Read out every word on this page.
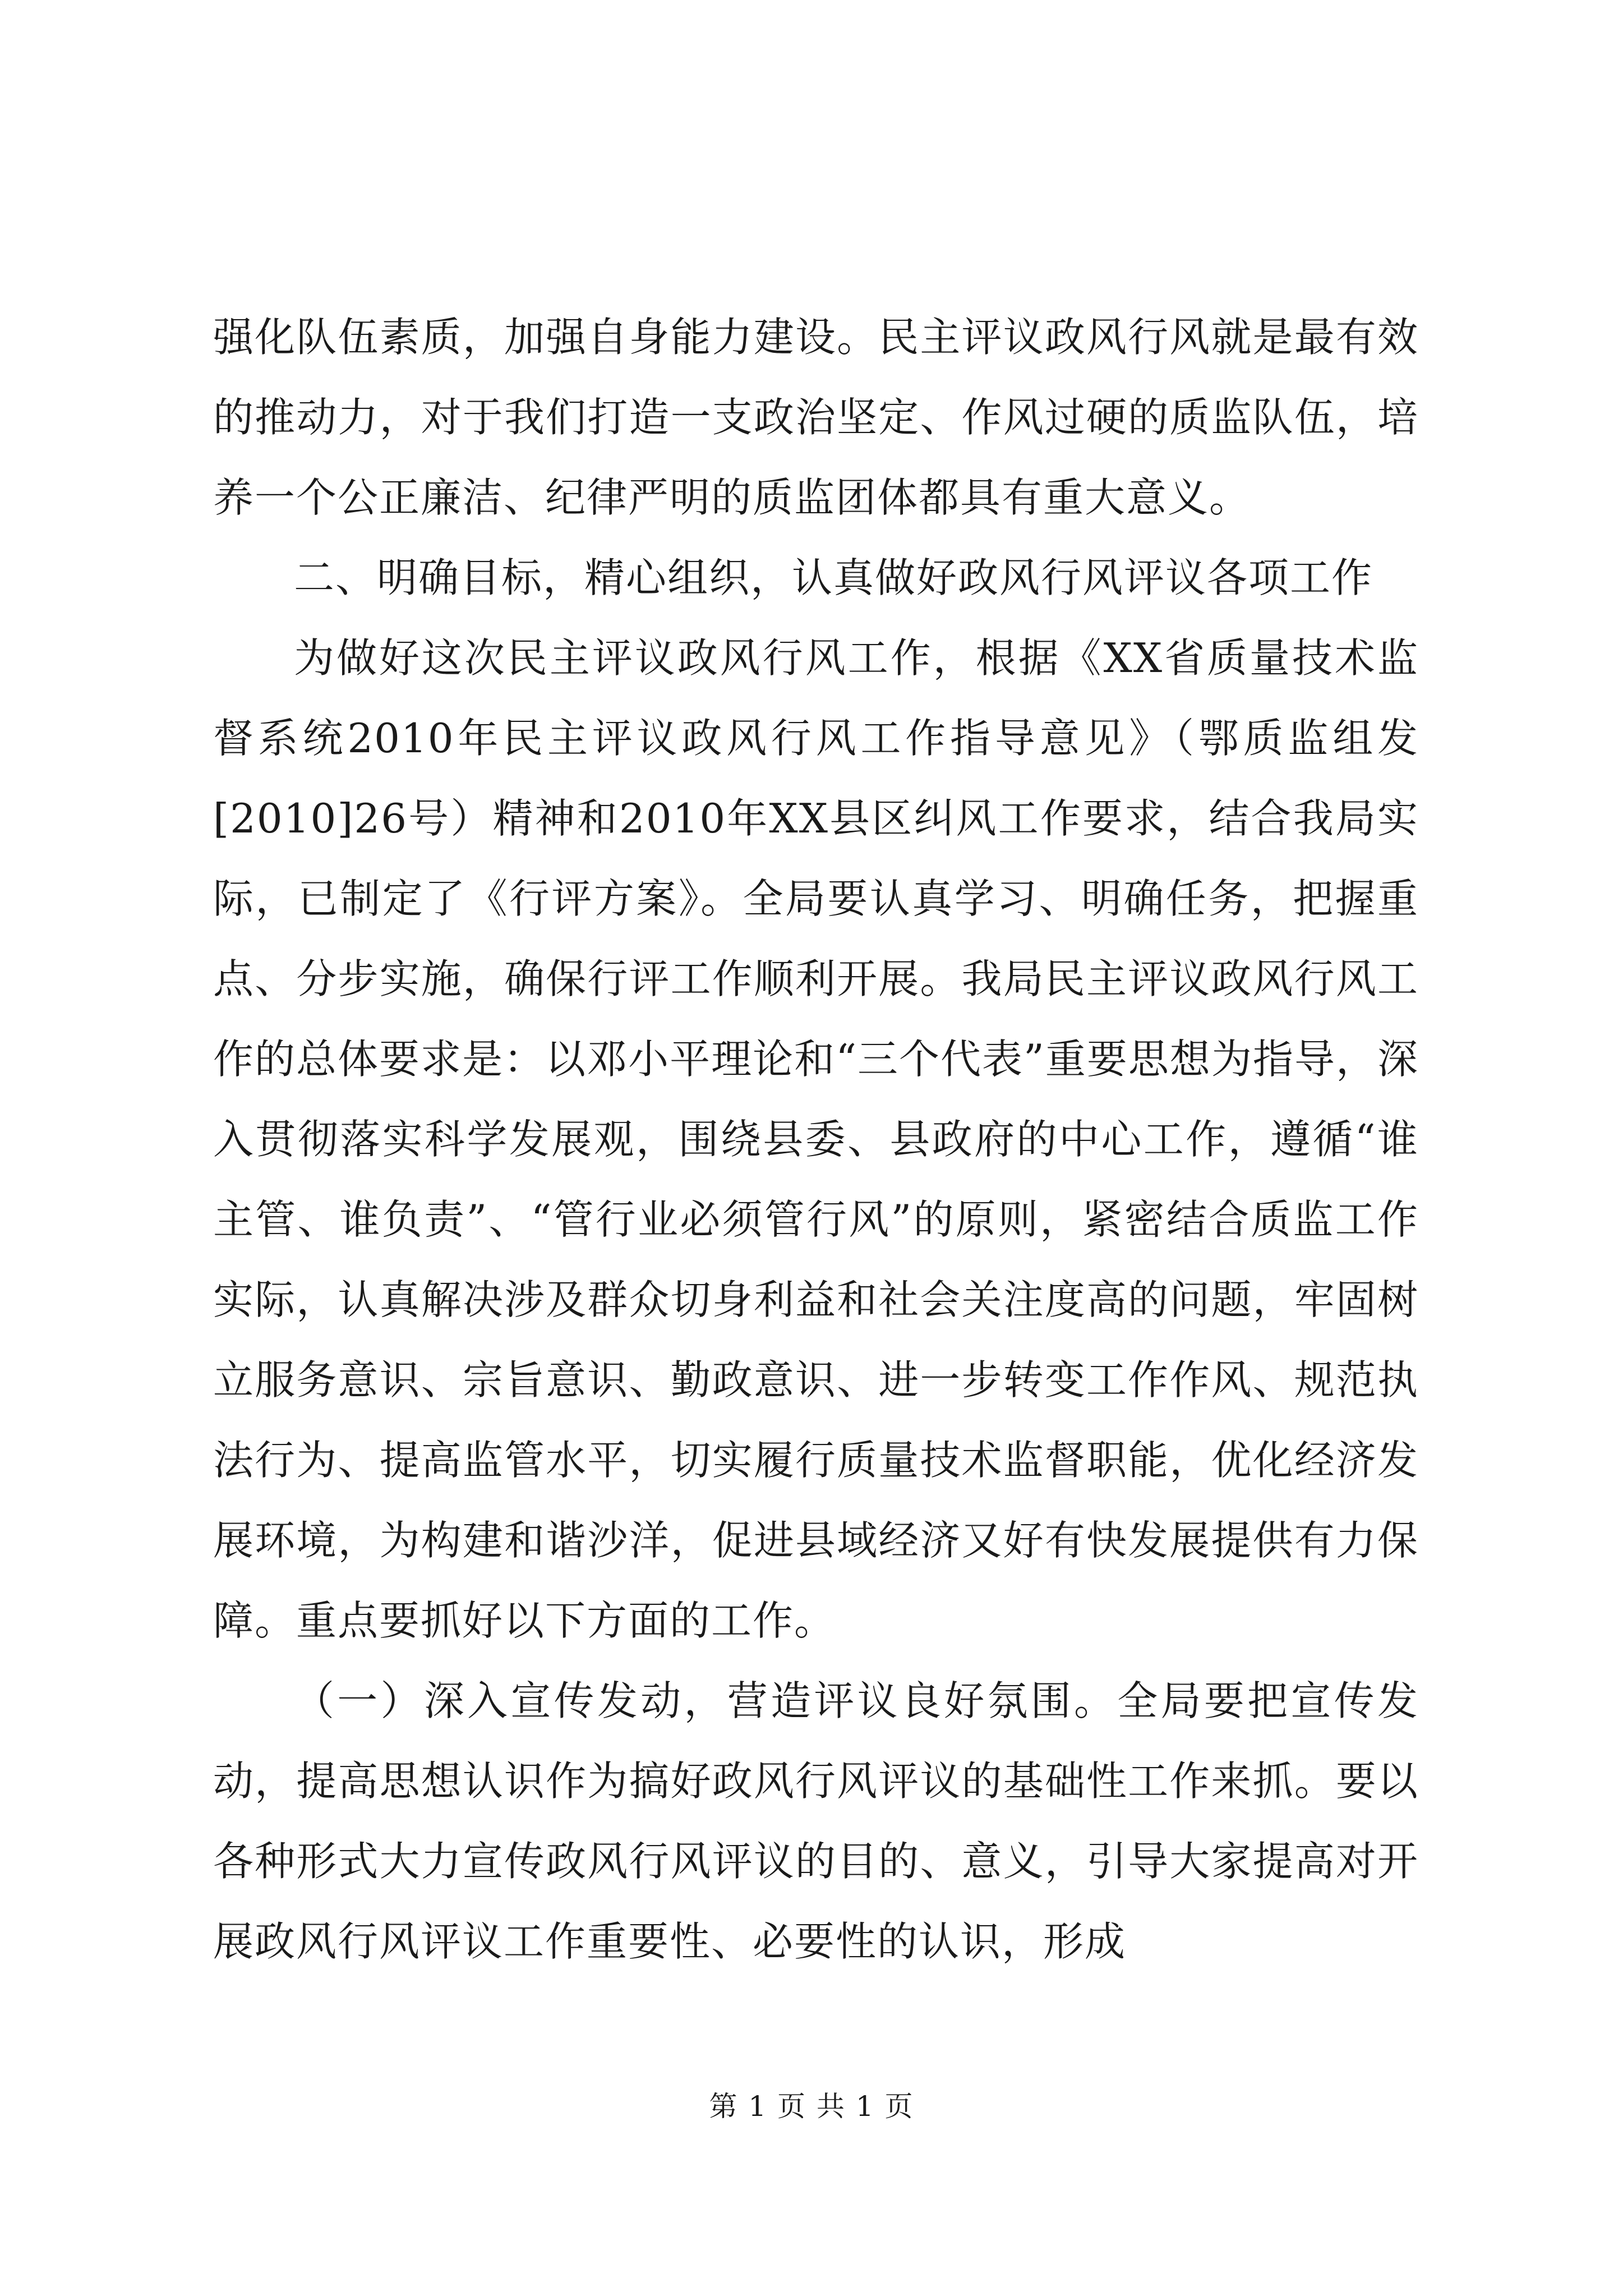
强化队伍素质，加强自身能力建设。民主评议政风行风就是最有效的推动力，对于我们打造一支政治坚定、作风过硬的质监队伍，培养一个公正廉洁、纪律严明的质监团体都具有重大意义。

二、明确目标，精心组织，认真做好政风行风评议各项工作

为做好这次民主评议政风行风工作，根据《XX省质量技术监督系统2010年民主评议政风行风工作指导意见》（鄂质监组发[2010]26号）精神和2010年XX县区纠风工作要求，结合我局实际，已制定了《行评方案》。全局要认真学习、明确任务，把握重点、分步实施，确保行评工作顺利开展。我局民主评议政风行风工作的总体要求是：以邓小平理论和“三个代表”重要思想为指导，深入贯彻落实科学发展观，围绕县委、县政府的中心工作，遵循“谁主管、谁负责”、“管行业必须管行风”的原则，紧密结合质监工作实际，认真解决涉及群众切身利益和社会关注度高的问题，牢固树立服务意识、宗旨意识、勤政意识、进一步转变工作作风、规范执法行为、提高监管水平，切实履行质量技术监督职能，优化经济发展环境，为构建和谐沙洋，促进县域经济又好有快发展提供有力保障。重点要抓好以下方面的工作。

（一）深入宣传发动，营造评议良好氛围。全局要把宣传发动，提高思想认识作为搞好政风行风评议的基础性工作来抓。要以各种形式大力宣传政风行风评议的目的、意义，引导大家提高对开展政风行风评议工作重要性、必要性的认识，形成

第 1 页 共 1 页
